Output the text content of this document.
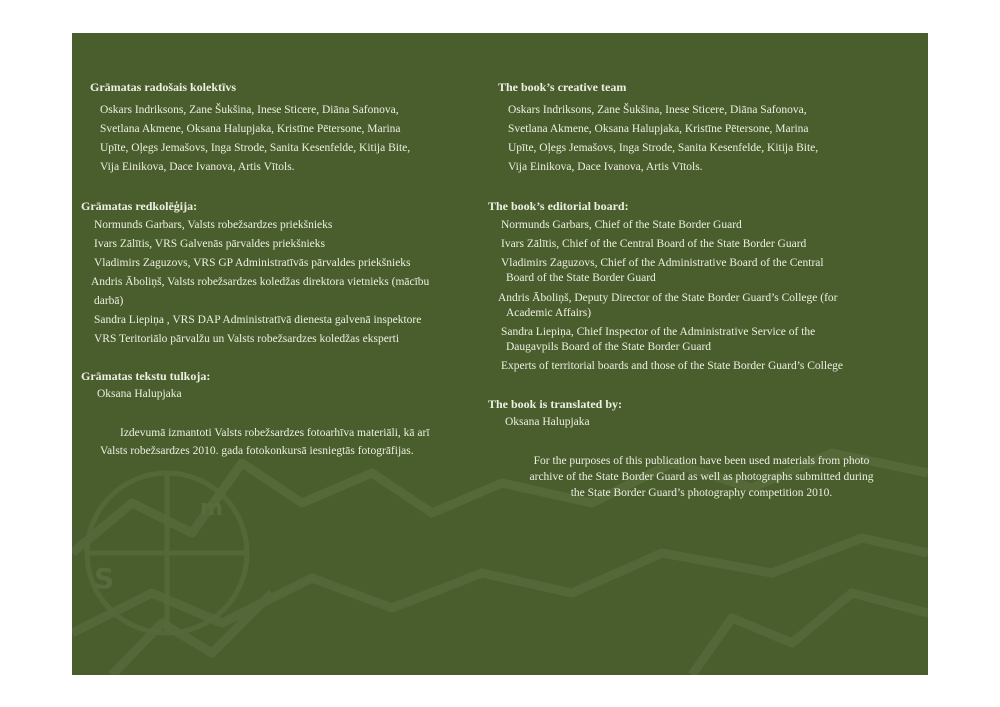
S
m
Grāmatas radošais kolektīvs
Oskars Indriksons, Zane Šukšina, Inese Sticere, Diāna Safonova,
Svetlana Akmene, Oksana Halupjaka, Kristīne Pētersone, Marina
Upīte, Oļegs Jemašovs, Inga Strode, Sanita Kesenfelde, Kitija Bite,
Vija Einikova, Dace Ivanova, Artis Vītols.
Grāmatas redkolēģija:
Normunds Garbars, Valsts robežsardzes priekšnieks
Ivars Zālītis, VRS Galvenās pārvaldes priekšnieks
Vladimirs Zaguzovs, VRS GP Administratīvās pārvaldes priekšnieks
Andris Āboliņš, Valsts robežsardzes koledžas direktora vietnieks (mācību
darbā)
Sandra Liepiņa , VRS DAP Administratīvā dienesta galvenā inspektore
VRS Teritoriālo pārvalžu un Valsts robežsardzes koledžas eksperti
Grāmatas tekstu tulkoja:
Oksana Halupjaka
Izdevumā izmantoti Valsts robežsardzes fotoarhīva materiāli, kā arī
Valsts robežsardzes 2010. gada fotokonkursā iesniegtās fotogrāfijas.
The book’s creative team
Oskars Indriksons, Zane Šukšina, Inese Sticere, Diāna Safonova,
Svetlana Akmene, Oksana Halupjaka, Kristīne Pētersone, Marina
Upīte, Oļegs Jemašovs, Inga Strode, Sanita Kesenfelde, Kitija Bite,
Vija Einikova, Dace Ivanova, Artis Vītols.
The book’s editorial board:
Normunds Garbars, Chief of the State Border Guard
Ivars Zālītis, Chief of the Central Board of the State Border Guard
Vladimirs Zaguzovs, Chief of the Administrative Board of the Central
Board of the State Border Guard
Andris Āboliņš, Deputy Director of the State Border Guard’s College (for
Academic Affairs)
Sandra Liepiņa, Chief Inspector of the Administrative Service of the
Daugavpils Board of the State Border Guard
Experts of territorial boards and those of the State Border Guard’s College
The book is translated by:
Oksana Halupjaka
For the purposes of this publication have been used materials from photo
archive of the State Border Guard as well as photographs submitted during
the State Border Guard’s photography competition 2010.
